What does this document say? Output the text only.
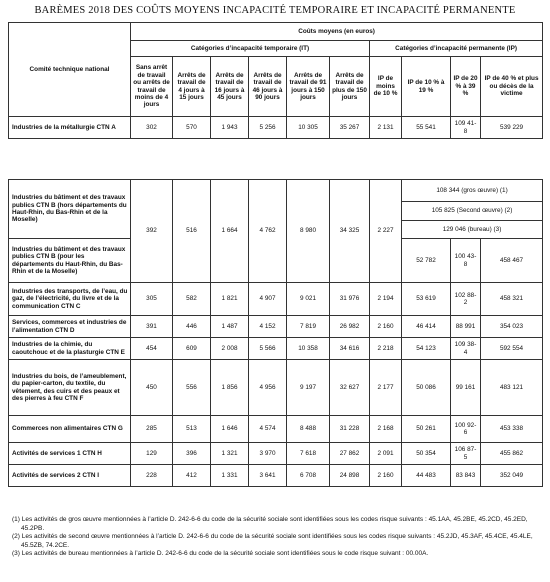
BARÈMES 2018 DES COÛTS MOYENS INCAPACITÉ TEMPORAIRE ET INCAPACITÉ PERMANENTE
Comité technique national	Coûts moyens (en euros)									
	Catégories d’incapacité temporaire (IT)						Catégories d’incapacité permanente (IP)			
	Sans arrêt de travail ou arrêts de travail de moins de 4 jours	Arrêts de travail de 4 jours à 15 jours	Arrêts de travail de 16 jours à 45 jours	Arrêts de travail de 46 jours à 90 jours	Arrêts de travail de 91 jours à 150 jours	Arrêts de travail de plus de 150 jours	IP de moins de 10 %	IP de 10 % à 19 %	IP de 20 % à 39 %	IP de 40 % et plus ou décès de la victime
Industries de la métallurgie CTN A	302	570	1 943	5 256	10 305	35 267	2 131	55 541	109 41-8	539 229
Industries du bâtiment et des travaux publics CTN B (hors départements du Haut-Rhin, du Bas-Rhin et de la Moselle)	392	516	1 664	4 762	8 980	34 325	2 227	108 344 (gros œuvre) (1)		
								105 825 (Second œuvre) (2)		
								129 046 (bureau) (3)		
Industries du bâtiment et des travaux publics CTN B (pour les départements du Haut-Rhin, du Bas-Rhin et de la Moselle)								52 782	100 43-8	458 467
Industries des transports, de l’eau, du gaz, de l’électricité, du livre et de la communication CTN C	305	582	1 821	4 907	9 021	31 976	2 194	53 619	102 88-2	458 321
Services, commerces et industries de l’alimentation CTN D	391	446	1 487	4 152	7 819	26 982	2 160	46 414	88 991	354 023
Industries de la chimie, du caoutchouc et de la plasturgie CTN E	454	609	2 008	5 566	10 358	34 616	2 218	54 123	109 38-4	592 554
Industries du bois, de l’ameublement, du papier-carton, du textile, du vêtement, des cuirs et des peaux et des pierres à feu CTN F	450	556	1 856	4 956	9 197	32 627	2 177	50 086	99 161	483 121
Commerces non alimentaires CTN G	285	513	1 646	4 574	8 488	31 228	2 168	50 261	100 92-6	453 338
Activités de services 1 CTN H	129	396	1 321	3 970	7 618	27 862	2 091	50 354	106 87-5	455 862
Activités de services 2 CTN I	228	412	1 331	3 641	6 708	24 898	2 160	44 483	83 843	352 049

(1) Les activités de gros œuvre mentionnées à l’article D. 242-6-6 du code de la sécurité sociale sont identifiées sous les codes risque suivants : 45.1AA, 45.2BE, 45.2CD, 45.2ED, 45.2PB.

(2) Les activités de second œuvre mentionnées à l’article D. 242-6-6 du code de la sécurité sociale sont identifiées sous les codes risque suivants : 45.2JD, 45.3AF, 45.4CE, 45.4LE, 45.5ZB, 74.2CE.

(3) Les activités de bureau mentionnées à l’article D. 242-6-6 du code de la sécurité sociale sont identifiées sous le code risque suivant : 00.00A.
